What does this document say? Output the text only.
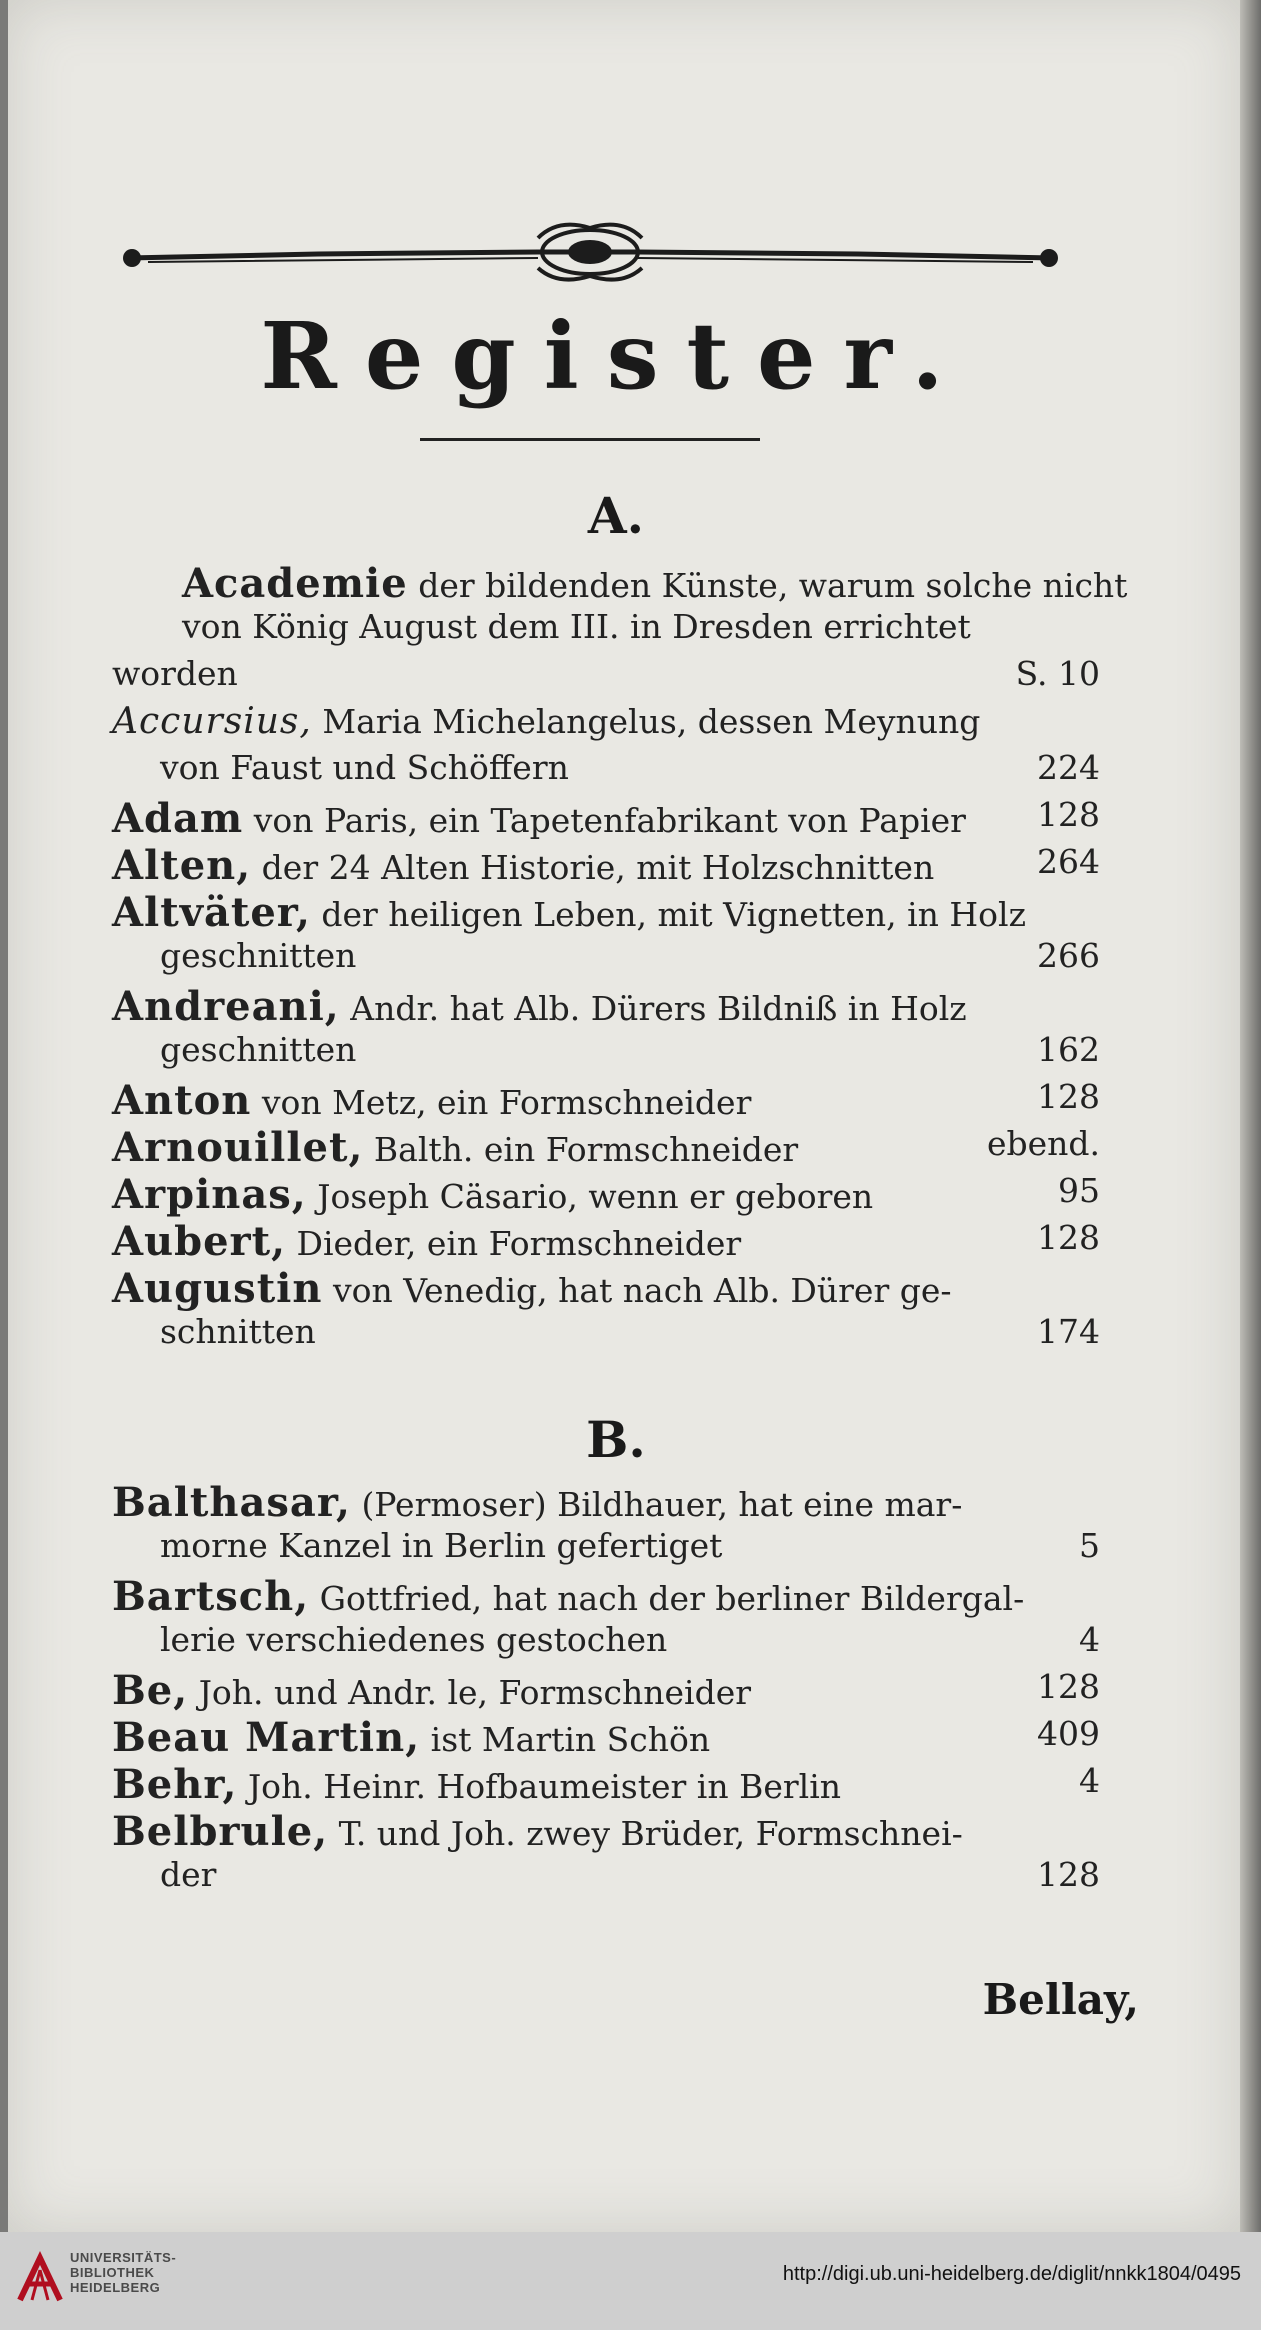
Register.
A.
Academie der bildenden Künste, warum solche nicht
von König August dem III. in Dresden errichtet
worden	S. 10
Accursius, Maria Michelangelus, dessen Meynung
von Faust und Schöffern	224
Adam von Paris, ein Tapetenfabrikant von Papier 128
Alten, der 24 Alten Historie, mit Holzschnitten	264
Altväter, der heiligen Leben, mit Vignetten, in Holz
geschnitten	266
Andreani, Andr. hat Alb. Dürers Bildniß in Holz
geschnitten	162
Anton von Metz, ein Formschneider	128
Arnouillet, Balth. ein Formschneider	ebend.
Arpinas, Joseph Cäsario, wenn er geboren	95
Aubert, Dieder, ein Formschneider	128
Augustin von Venedig, hat nach Alb. Dürer ge-
schnitten	174
B.
Balthasar, (Permoser) Bildhauer, hat eine mar-
morne Kanzel in Berlin gefertiget	5
Bartsch, Gottfried, hat nach der berliner Bildergal-
lerie verschiedenes gestochen	4
Be, Joh. und Andr. le, Formschneider	128
Beau Martin, ist Martin Schön	409
Behr, Joh. Heinr. Hofbaumeister in Berlin	4
Belbrule, T. und Joh. zwey Brüder, Formschnei-
der	128
Bellay,
UNIVERSITÄTS-
BIBLIOTHEK
HEIDELBERG
http://digi.ub.uni-heidelberg.de/diglit/nnkk1804/0495
